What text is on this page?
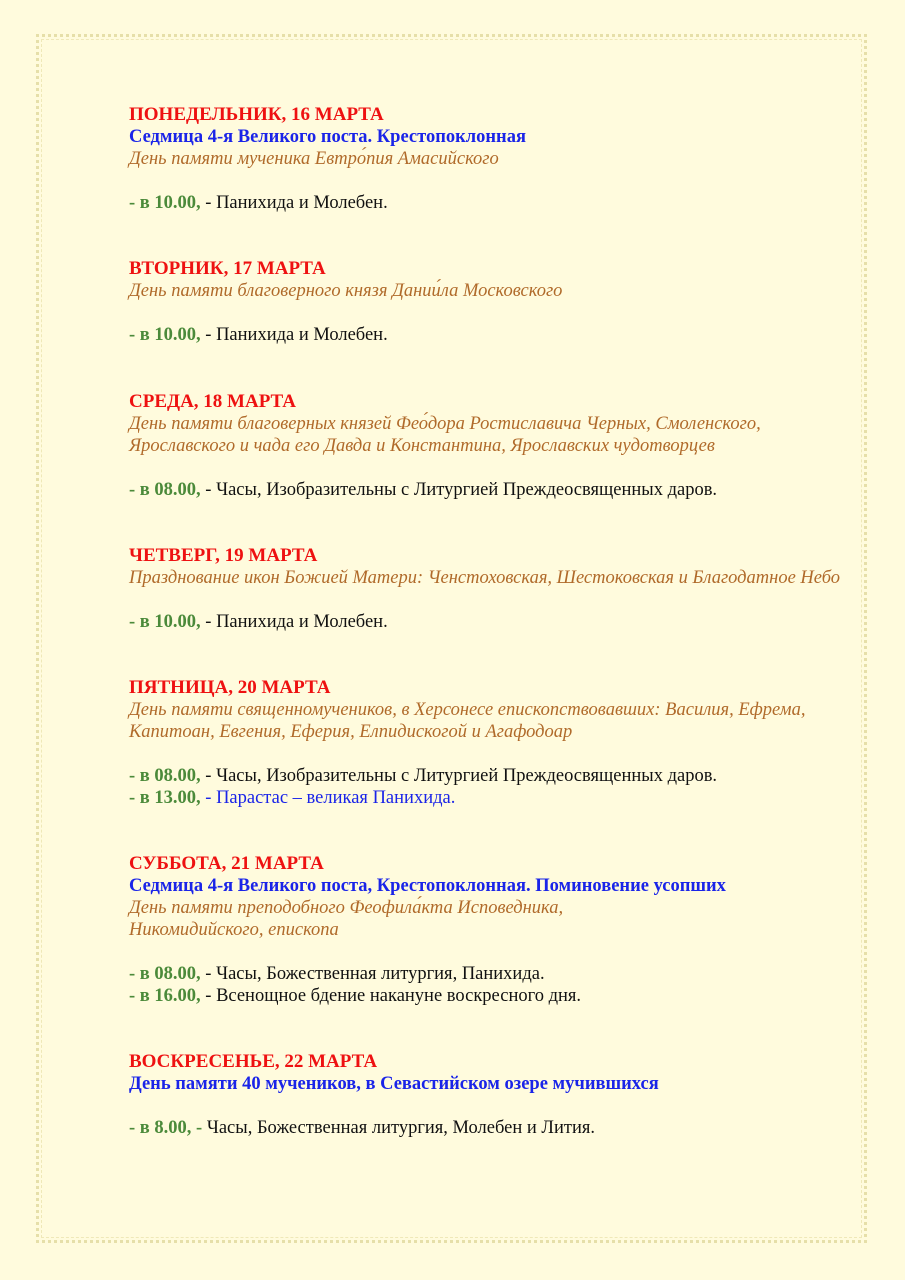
ПОНЕДЕЛЬНИК, 16 МАРТА

Седмица 4-я Великого поста. Крестопоклонная

День памяти мученика Евтро́пия Амасийского

- в 10.00, - Панихида и Молебен.

ВТОРНИК, 17 МАРТА

День памяти благоверного князя Дании́ла Московского

- в 10.00, - Панихида и Молебен.

СРЕДА, 18 МАРТА

День памяти благоверных князей Фео́дора Ростиславича Черных, Смоленского, Ярославского и чада его Давда и Константина, Ярославских чудотворцев

- в 08.00, - Часы, Изобразительны с Литургией Преждеосвященных даров.

ЧЕТВЕРГ, 19 МАРТА

Празднование икон Божией Матери: Ченстоховская, Шестоковская и Благодатное Небо

- в 10.00, - Панихида и Молебен.

ПЯТНИЦА, 20 МАРТА

День памяти священномучеников, в Херсонесе епископствовавших: Василия, Ефрема, Капитоан, Евгения, Еферия, Елпидискогой и Агафодоар

- в 08.00, - Часы, Изобразительны с Литургией Преждеосвященных даров.

- в 13.00, - Парастас – великая Панихида.

СУББОТА, 21 МАРТА

Седмица 4-я Великого поста, Крестопоклонная. Поминовение усопших

День памяти преподобного Феофила́кта Исповедника, Никомидийского, епископа

- в 08.00, - Часы, Божественная литургия, Панихида.

- в 16.00, - Всенощное бдение накануне воскресного дня.

ВОСКРЕСЕНЬЕ, 22 МАРТА

День памяти 40 мучеников, в Севастийском озере мучившихся

- в 8.00, - Часы, Божественная литургия, Молебен и Лития.
